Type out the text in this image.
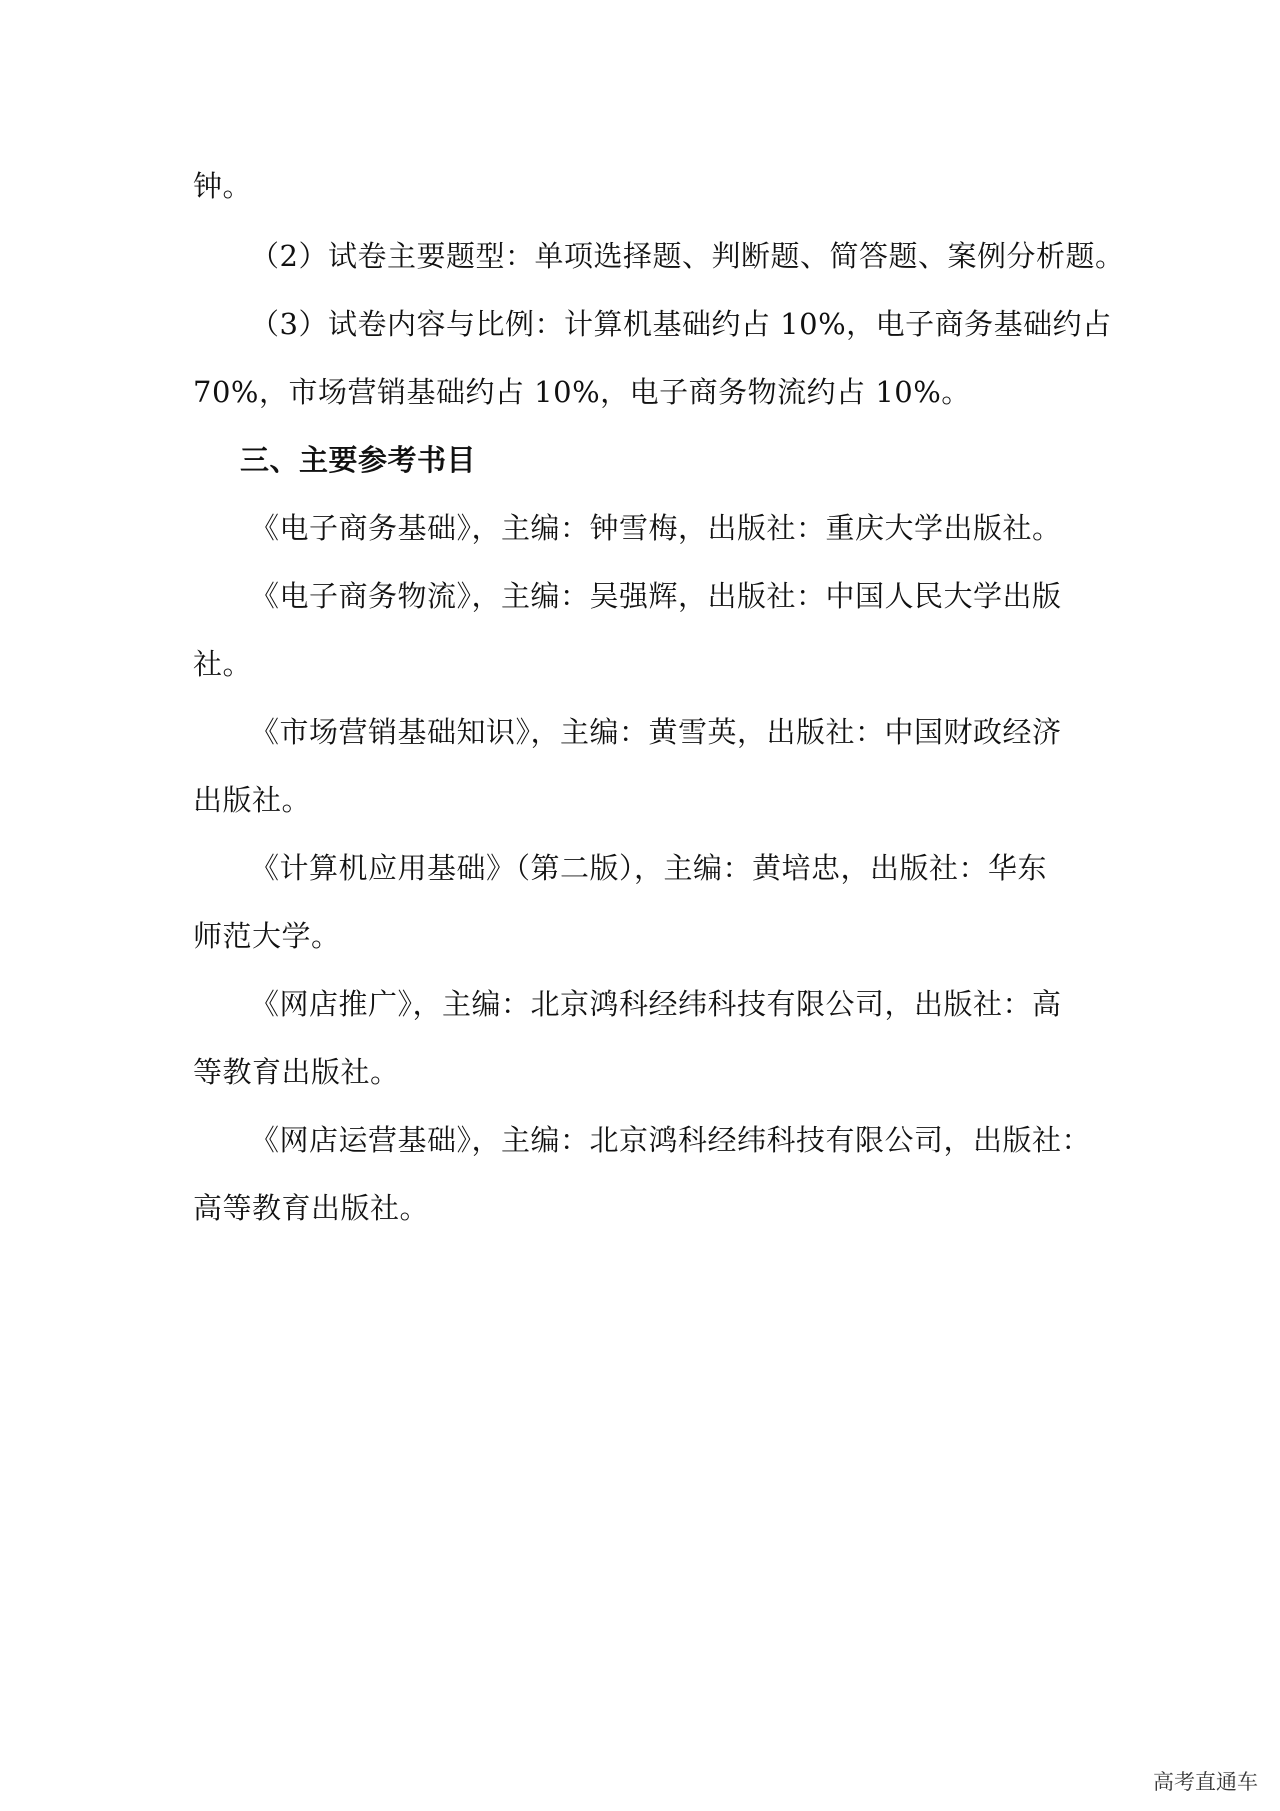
钟。
（2）试卷主要题型：单项选择题、判断题、简答题、案例分析题。
（3）试卷内容与比例：计算机基础约占 10%，电子商务基础约占
70%，市场营销基础约占 10%，电子商务物流约占 10%。
三、主要参考书目
《电子商务基础》，主编：钟雪梅，出版社：重庆大学出版社。
《电子商务物流》，主编：吴强辉，出版社：中国人民大学出版
社。
《市场营销基础知识》，主编：黄雪英，出版社：中国财政经济
出版社。
《计算机应用基础》（第二版），主编：黄培忠，出版社：华东
师范大学。
《网店推广》，主编：北京鸿科经纬科技有限公司，出版社：高
等教育出版社。
《网店运营基础》，主编：北京鸿科经纬科技有限公司，出版社：
高等教育出版社。
高考直通车
